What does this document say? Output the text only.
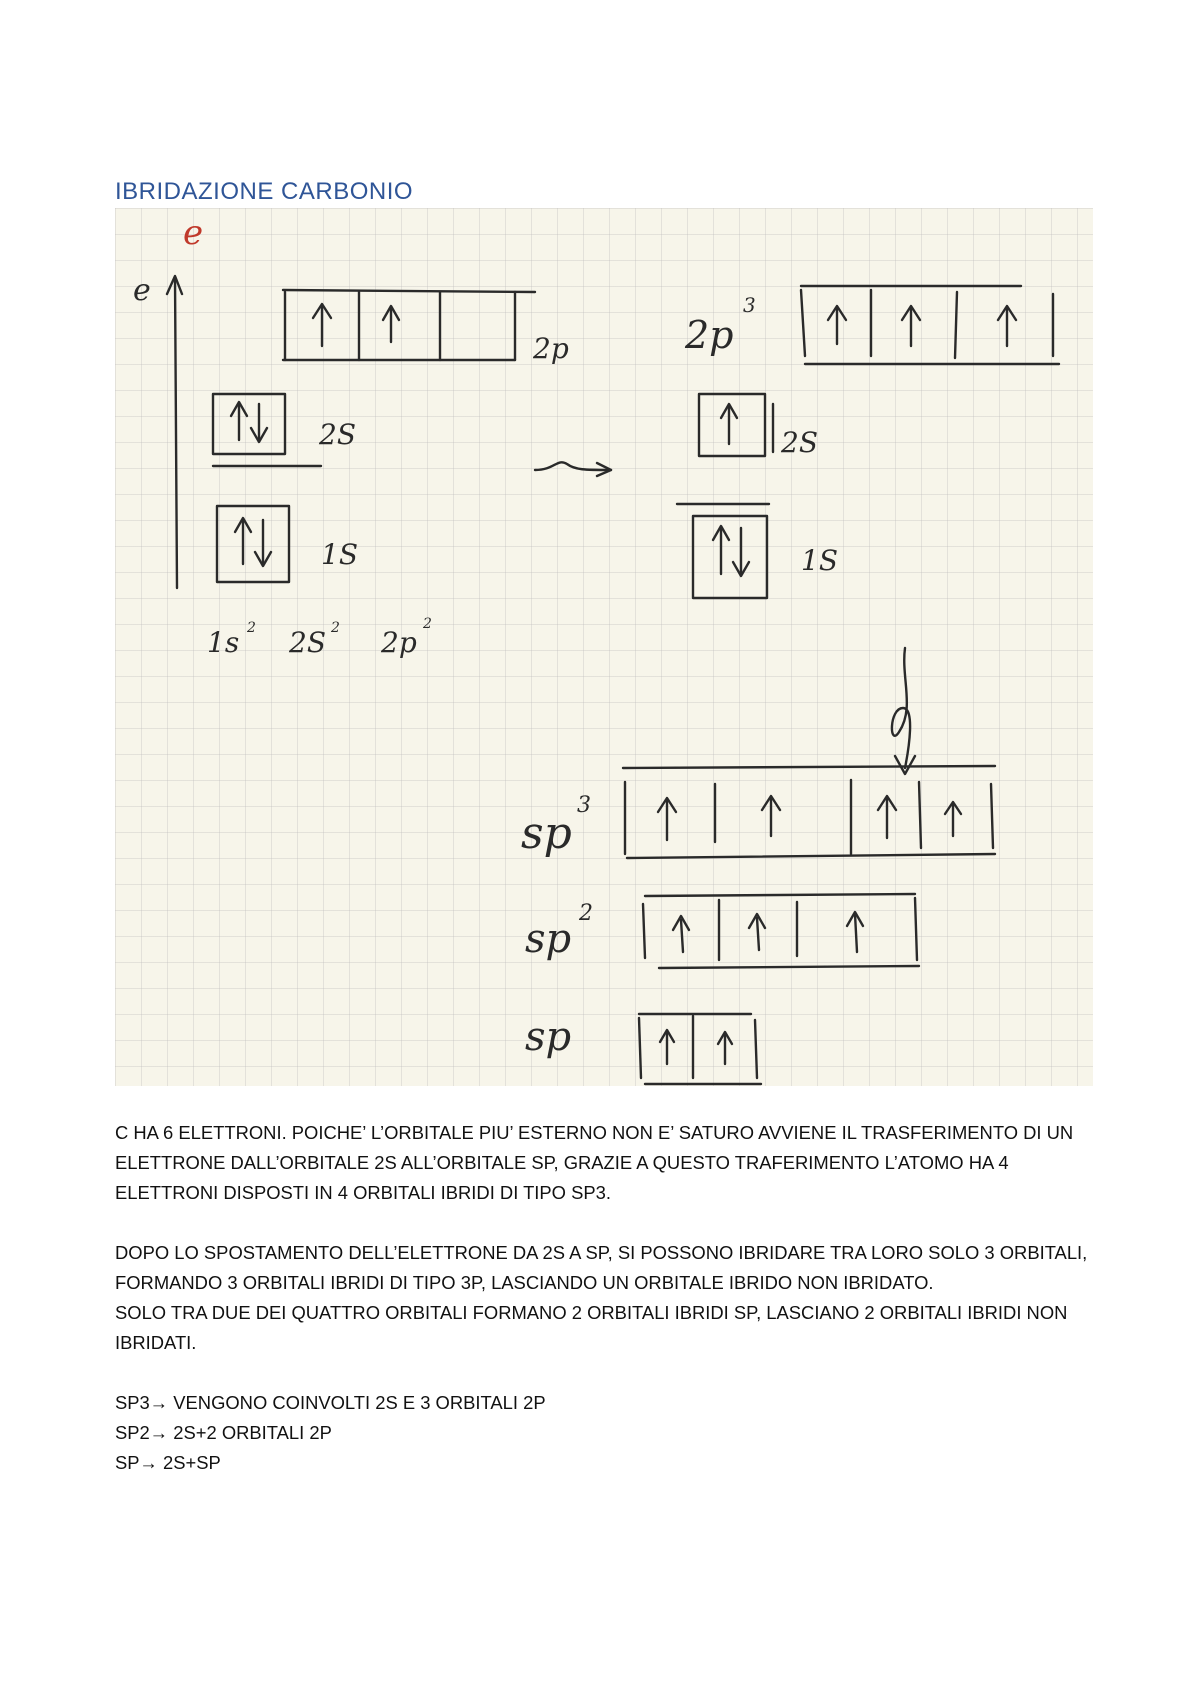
IBRIDAZIONE CARBONIO
e
e
2p
2S
1S
1s 2 2S 2 2p
2
2p
3
2S
1S
sp
3
sp
2
sp

C HA 6 ELETTRONI. POICHE’ L’ORBITALE PIU’ ESTERNO NON E’ SATURO AVVIENE IL TRASFERIMENTO DI UN ELETTRONE DALL’ORBITALE 2S ALL’ORBITALE SP, GRAZIE A QUESTO TRAFERIMENTO L’ATOMO HA 4 ELETTRONI DISPOSTI IN 4 ORBITALI IBRIDI DI TIPO SP3.

DOPO LO SPOSTAMENTO DELL’ELETTRONE DA 2S A SP, SI POSSONO IBRIDARE TRA LORO SOLO 3 ORBITALI, FORMANDO 3 ORBITALI IBRIDI DI TIPO 3P, LASCIANDO UN ORBITALE IBRIDO NON IBRIDATO.

SOLO TRA DUE DEI QUATTRO ORBITALI FORMANO 2 ORBITALI IBRIDI SP, LASCIANO 2 ORBITALI IBRIDI NON IBRIDATI.

SP3→ VENGONO COINVOLTI 2S E 3 ORBITALI 2P

SP2→ 2S+2 ORBITALI 2P

SP→ 2S+SP
